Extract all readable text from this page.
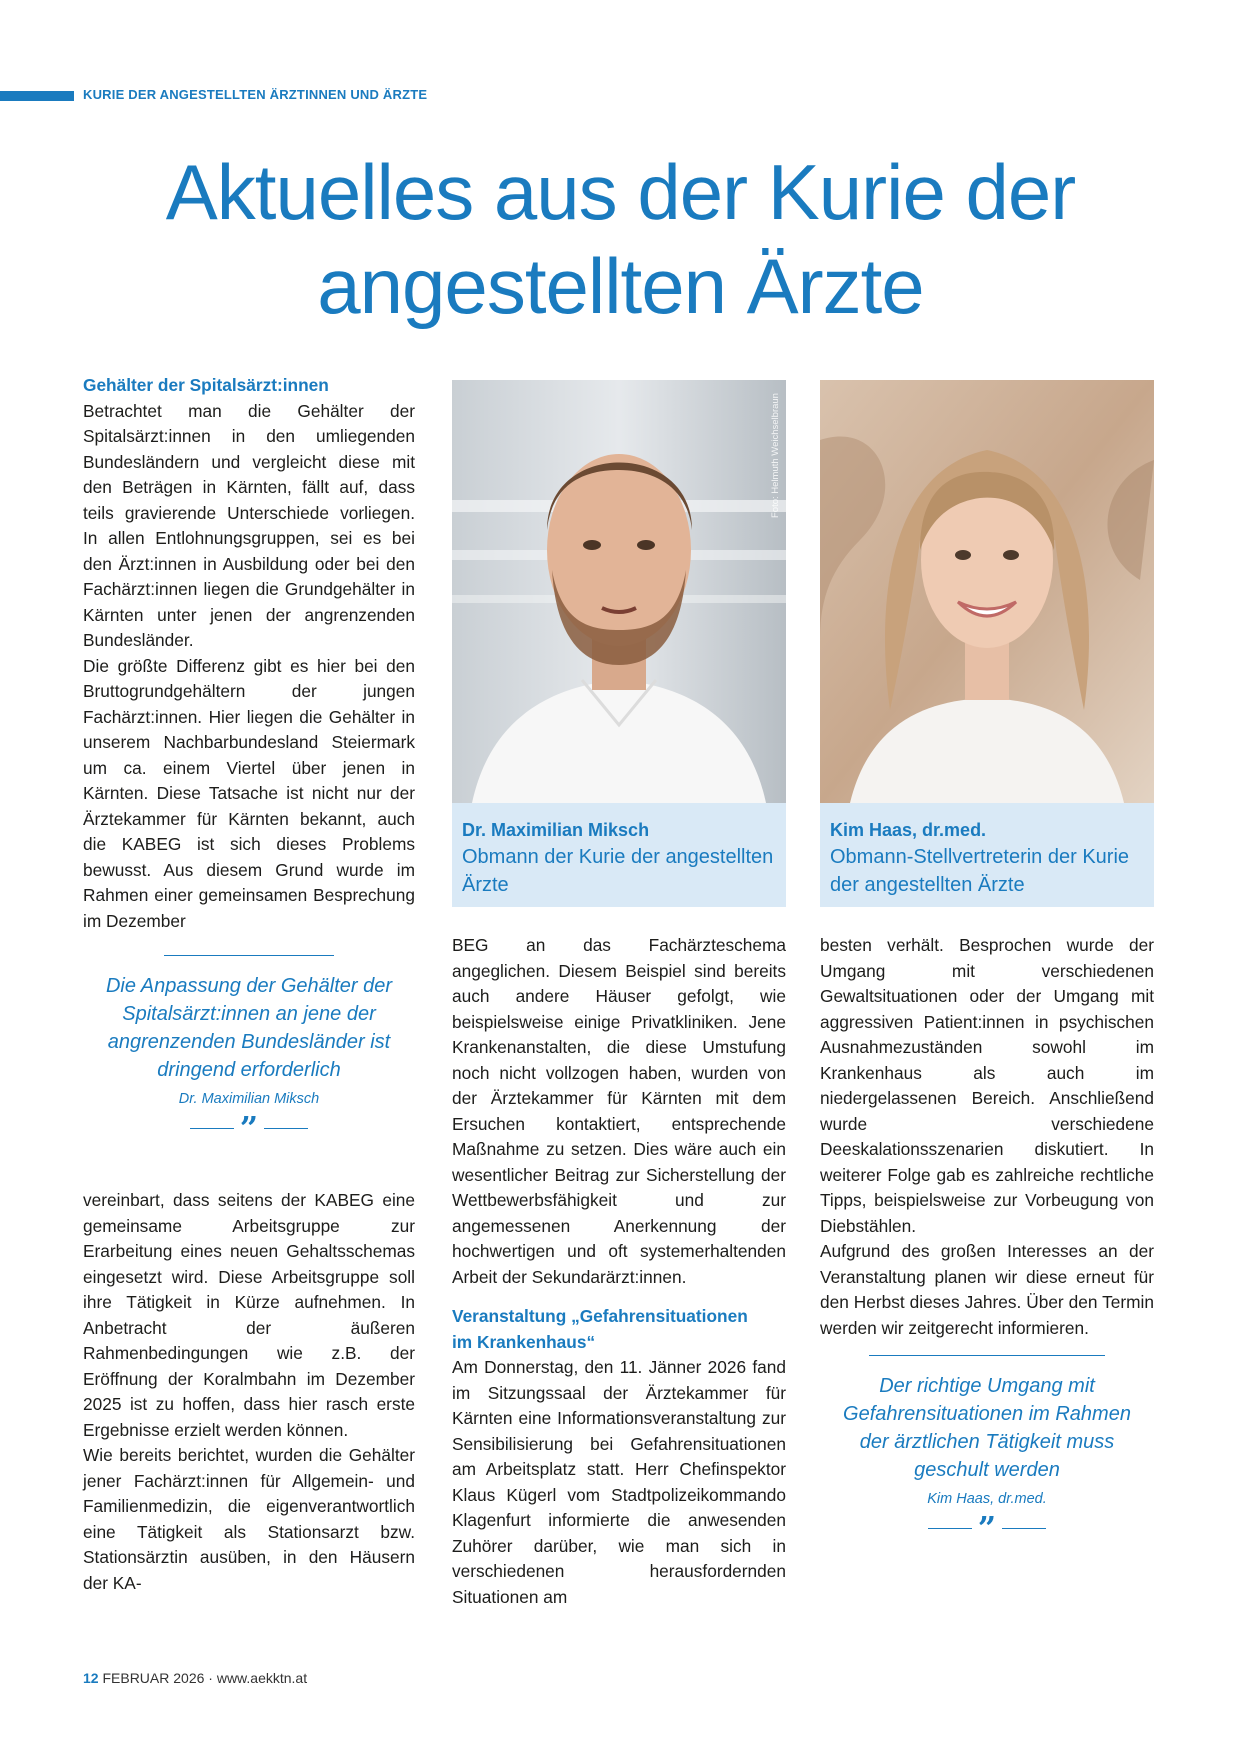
KURIE DER ANGESTELLTEN ÄRZTINNEN UND ÄRZTE
Aktuelles aus der Kurie der
angestellten Ärzte

Gehälter der Spitalsärzt:innen

Betrachtet man die Gehälter der Spitalsärzt:innen in den umliegenden Bundesländern und vergleicht diese mit den Beträgen in Kärnten, fällt auf, dass teils gravierende Unterschiede vorliegen. In allen Entlohnungsgruppen, sei es bei den Ärzt:innen in Ausbildung oder bei den Fachärzt:innen liegen die Grundgehälter in Kärnten unter jenen der angrenzenden Bundesländer.

Die größte Differenz gibt es hier bei den Bruttogrundgehältern der jungen Fachärzt:innen. Hier liegen die Gehälter in unserem Nachbarbundesland Steiermark um ca. einem Viertel über jenen in Kärnten. Diese Tatsache ist nicht nur der Ärztekammer für Kärnten bekannt, auch die KABEG ist sich dieses Problems bewusst. Aus diesem Grund wurde im Rahmen einer gemeinsamen Besprechung im Dezember

Foto: Helmuth Weichselbraun
Dr. Maximilian Miksch
Obmann der Kurie der angestellten Ärzte
Kim Haas, dr.med.
Obmann-Stellvertreterin der Kurie der angestellten Ärzte
Die Anpassung der Gehälter der Spitalsärzt:innen an jene der angrenzenden Bundesländer ist dringend erforderlich
Dr. Maximilian Miksch
”

vereinbart, dass seitens der KABEG eine gemeinsame Arbeitsgruppe zur Erarbeitung eines neuen Gehaltsschemas eingesetzt wird. Diese Arbeitsgruppe soll ihre Tätigkeit in Kürze aufnehmen. In Anbetracht der äußeren Rahmenbedingungen wie z.B. der Eröffnung der Koralmbahn im Dezember 2025 ist zu hoffen, dass hier rasch erste Ergebnisse erzielt werden können.

Wie bereits berichtet, wurden die Gehälter jener Fachärzt:innen für Allgemein- und Familienmedizin, die eigenverantwortlich eine Tätigkeit als Stationsarzt bzw. Stationsärztin ausüben, in den Häusern der KA-

BEG an das Fachärzteschema angeglichen. Diesem Beispiel sind bereits auch andere Häuser gefolgt, wie beispielsweise einige Privatkliniken. Jene Krankenanstalten, die diese Umstufung noch nicht vollzogen haben, wurden von der Ärztekammer für Kärnten mit dem Ersuchen kontaktiert, entsprechende Maßnahme zu setzen. Dies wäre auch ein wesentlicher Beitrag zur Sicherstellung der Wettbewerbsfähigkeit und zur angemessenen Anerkennung der hochwertigen und oft systemerhaltenden Arbeit der Sekundarärzt:innen.

Veranstaltung „Gefahrensituationen
im Krankenhaus“

Am Donnerstag, den 11. Jänner 2026 fand im Sitzungssaal der Ärztekammer für Kärnten eine Informationsveranstaltung zur Sensibilisierung bei Gefahrensituationen am Arbeitsplatz statt. Herr Chefinspektor Klaus Kügerl vom Stadtpolizeikommando Klagenfurt informierte die anwesenden Zuhörer darüber, wie man sich in verschiedenen herausfordernden Situationen am

besten verhält. Besprochen wurde der Umgang mit verschiedenen Gewaltsituationen oder der Umgang mit aggressiven Patient:innen in psychischen Ausnahmezuständen sowohl im Krankenhaus als auch im niedergelassenen Bereich. Anschließend wurde verschiedene Deeskalationsszenarien diskutiert. In weiterer Folge gab es zahlreiche rechtliche Tipps, beispielsweise zur Vorbeugung von Diebstählen.

Aufgrund des großen Interesses an der Veranstaltung planen wir diese erneut für den Herbst dieses Jahres. Über den Termin werden wir zeitgerecht informieren.

Der richtige Umgang mit Gefahrensituationen im Rahmen der ärztlichen Tätigkeit muss geschult werden
Kim Haas, dr.med.
”
12 FEBRUAR 2026 · www.aekktn.at
